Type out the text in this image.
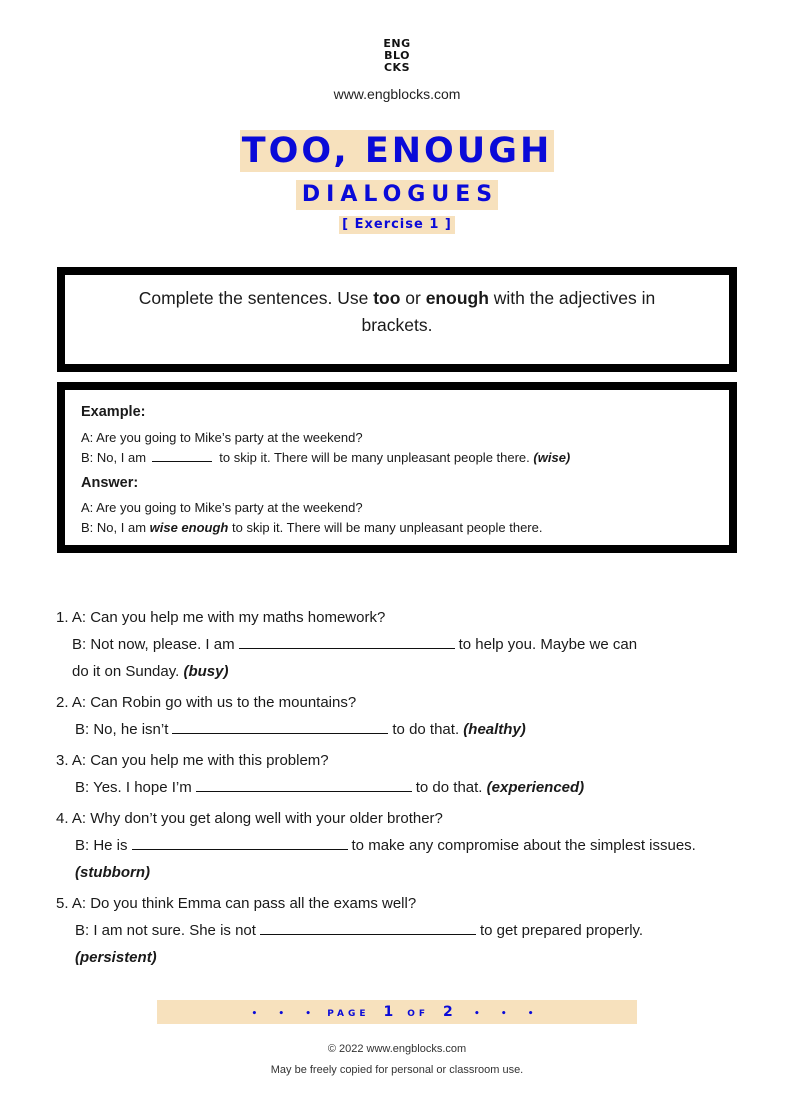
ENG
BLO
CKS
www.engblocks.com
TOO, ENOUGH
DIALOGUES
[ Exercise 1 ]
Complete the sentences. Use too or enough with the adjectives in brackets.
Example:
A: Are you going to Mike’s party at the weekend?
B: No, I am	to skip it. There will be many unpleasant people there. (wise)
Answer:
A: Are you going to Mike’s party at the weekend?
B: No, I am wise enough to skip it. There will be many unpleasant people there.
1. A: Can you help me with my maths homework?
B: Not now, please. I am	to help you. Maybe we can
do it on Sunday. (busy)
2. A: Can Robin go with us to the mountains?
B: No, he isn’t	to do that. (healthy)
3. A: Can you help me with this problem?
B: Yes. I hope I’m	to do that. (experienced)
4. A: Why don’t you get along well with your older brother?
B: He is	to make any compromise about the simplest issues.
(stubborn)
5. A: Do you think Emma can pass all the exams well?
B: I am not sure. She is not	to get prepared properly.
(persistent)
• • • PAGE 1 OF 2 • • •
© 2022 www.engblocks.com
May be freely copied for personal or classroom use.
